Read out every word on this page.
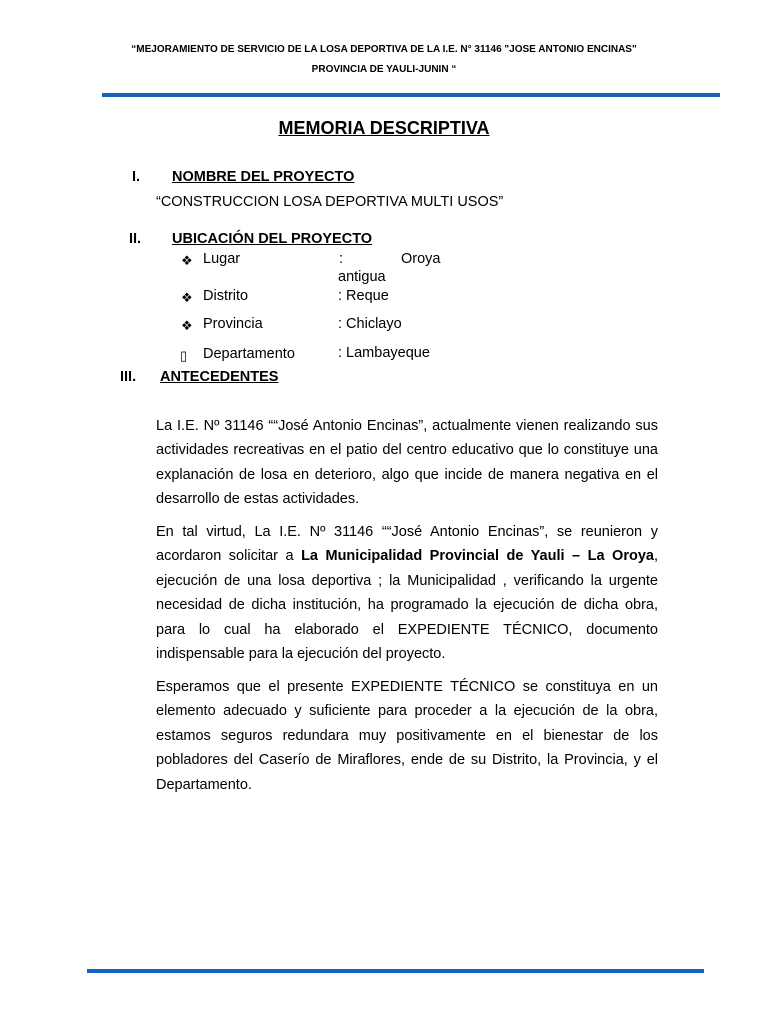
“MEJORAMIENTO DE SERVICIO DE LA LOSA DEPORTIVA DE LA I.E. N° 31146 "JOSE ANTONIO ENCINAS"
PROVINCIA DE YAULI-JUNIN “
MEMORIA DESCRIPTIVA
I. NOMBRE DEL PROYECTO
“CONSTRUCCION LOSA DEPORTIVA MULTI USOS”
II. UBICACIÓN DEL PROYECTO
❖ Lugar	:	Oroya
antigua
❖ Distrito	: Reque
❖ Provincia	: Chiclayo
▯ Departamento	: Lambayeque
III. ANTECEDENTES

La I.E. Nº 31146 ““José Antonio Encinas”, actualmente vienen realizando sus actividades recreativas en el patio del centro educativo que lo constituye una explanación de losa en deterioro, algo que incide de manera negativa en el desarrollo de estas actividades.

En tal virtud, La I.E. Nº 31146 ““José Antonio Encinas”, se reunieron y acordaron solicitar a La Municipalidad Provincial de Yauli – La Oroya, ejecución de una losa deportiva ; la Municipalidad , verificando la urgente necesidad de dicha institución, ha programado la ejecución de dicha obra, para lo cual ha elaborado el EXPEDIENTE TÉCNICO, documento indispensable para la ejecución del proyecto.

Esperamos que el presente EXPEDIENTE TÉCNICO se constituya en un elemento adecuado y suficiente para proceder a la ejecución de la obra, estamos seguros redundara muy positivamente en el bienestar de los pobladores del Caserío de Miraflores, ende de su Distrito, la Provincia, y el Departamento.
